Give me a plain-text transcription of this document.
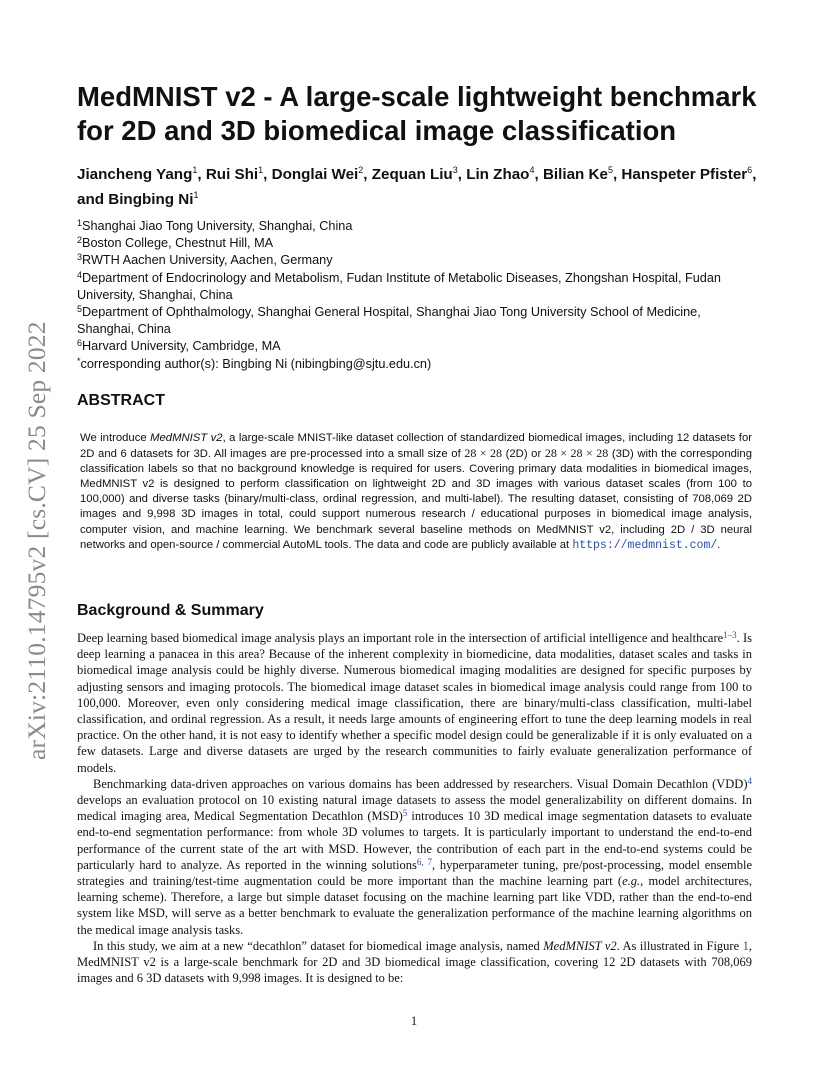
arXiv:2110.14795v2 [cs.CV] 25 Sep 2022
MedMNIST v2 - A large-scale lightweight benchmark for 2D and 3D biomedical image classification
Jiancheng Yang$^1$, Rui Shi$^1$, Donglai Wei$^2$, Zequan Liu$^3$, Lin Zhao$^4$, Bilian Ke$^5$, Hanspeter Pfister$^6$, and Bingbing Ni$^1$
$^1$Shanghai Jiao Tong University, Shanghai, China
$^2$Boston College, Chestnut Hill, MA
$^3$RWTH Aachen University, Aachen, Germany
$^4$Department of Endocrinology and Metabolism, Fudan Institute of Metabolic Diseases, Zhongshan Hospital, Fudan University, Shanghai, China
$^5$Department of Ophthalmology, Shanghai General Hospital, Shanghai Jiao Tong University School of Medicine, Shanghai, China
$^6$Harvard University, Cambridge, MA
*corresponding author(s): Bingbing Ni (nibingbing@sjtu.edu.cn)
ABSTRACT

We introduce MedMNIST v2, a large-scale MNIST-like dataset collection of standardized biomedical images, including 12 datasets for 2D and 6 datasets for 3D. All images are pre-processed into a small size of 28 × 28 (2D) or 28 × 28 × 28 (3D) with the corresponding classification labels so that no background knowledge is required for users. Covering primary data modalities in biomedical images, MedMNIST v2 is designed to perform classification on lightweight 2D and 3D images with various dataset scales (from 100 to 100,000) and diverse tasks (binary/multi-class, ordinal regression, and multi-label). The resulting dataset, consisting of 708,069 2D images and 9,998 3D images in total, could support numerous research / educational purposes in biomedical image analysis, computer vision, and machine learning. We benchmark several baseline methods on MedMNIST v2, including 2D / 3D neural networks and open-source / commercial AutoML tools. The data and code are publicly available at https://medmnist.com/.

Background & Summary

Deep learning based biomedical image analysis plays an important role in the intersection of artificial intelligence and healthcare$^{1-3}$. Is deep learning a panacea in this area? Because of the inherent complexity in biomedicine, data modalities, dataset scales and tasks in biomedical image analysis could be highly diverse. Numerous biomedical imaging modalities are designed for specific purposes by adjusting sensors and imaging protocols. The biomedical image dataset scales in biomedical image analysis could range from 100 to 100,000. Moreover, even only considering medical image classification, there are binary/multi-class classification, multi-label classification, and ordinal regression. As a result, it needs large amounts of engineering effort to tune the deep learning models in real practice. On the other hand, it is not easy to identify whether a specific model design could be generalizable if it is only evaluated on a few datasets. Large and diverse datasets are urged by the research communities to fairly evaluate generalization performance of models.

Benchmarking data-driven approaches on various domains has been addressed by researchers. Visual Domain Decathlon (VDD)$^4$ develops an evaluation protocol on 10 existing natural image datasets to assess the model generalizability on different domains. In medical imaging area, Medical Segmentation Decathlon (MSD)$^5$ introduces 10 3D medical image segmentation datasets to evaluate end-to-end segmentation performance: from whole 3D volumes to targets. It is particularly important to understand the end-to-end performance of the current state of the art with MSD. However, the contribution of each part in the end-to-end systems could be particularly hard to analyze. As reported in the winning solutions$^{6, 7}$, hyperparameter tuning, pre/post-processing, model ensemble strategies and training/test-time augmentation could be more important than the machine learning part (e.g., model architectures, learning scheme). Therefore, a large but simple dataset focusing on the machine learning part like VDD, rather than the end-to-end system like MSD, will serve as a better benchmark to evaluate the generalization performance of the machine learning algorithms on the medical image analysis tasks.

In this study, we aim at a new “decathlon” dataset for biomedical image analysis, named MedMNIST v2. As illustrated in Figure 1, MedMNIST v2 is a large-scale benchmark for 2D and 3D biomedical image classification, covering 12 2D datasets with 708,069 images and 6 3D datasets with 9,998 images. It is designed to be:

1
